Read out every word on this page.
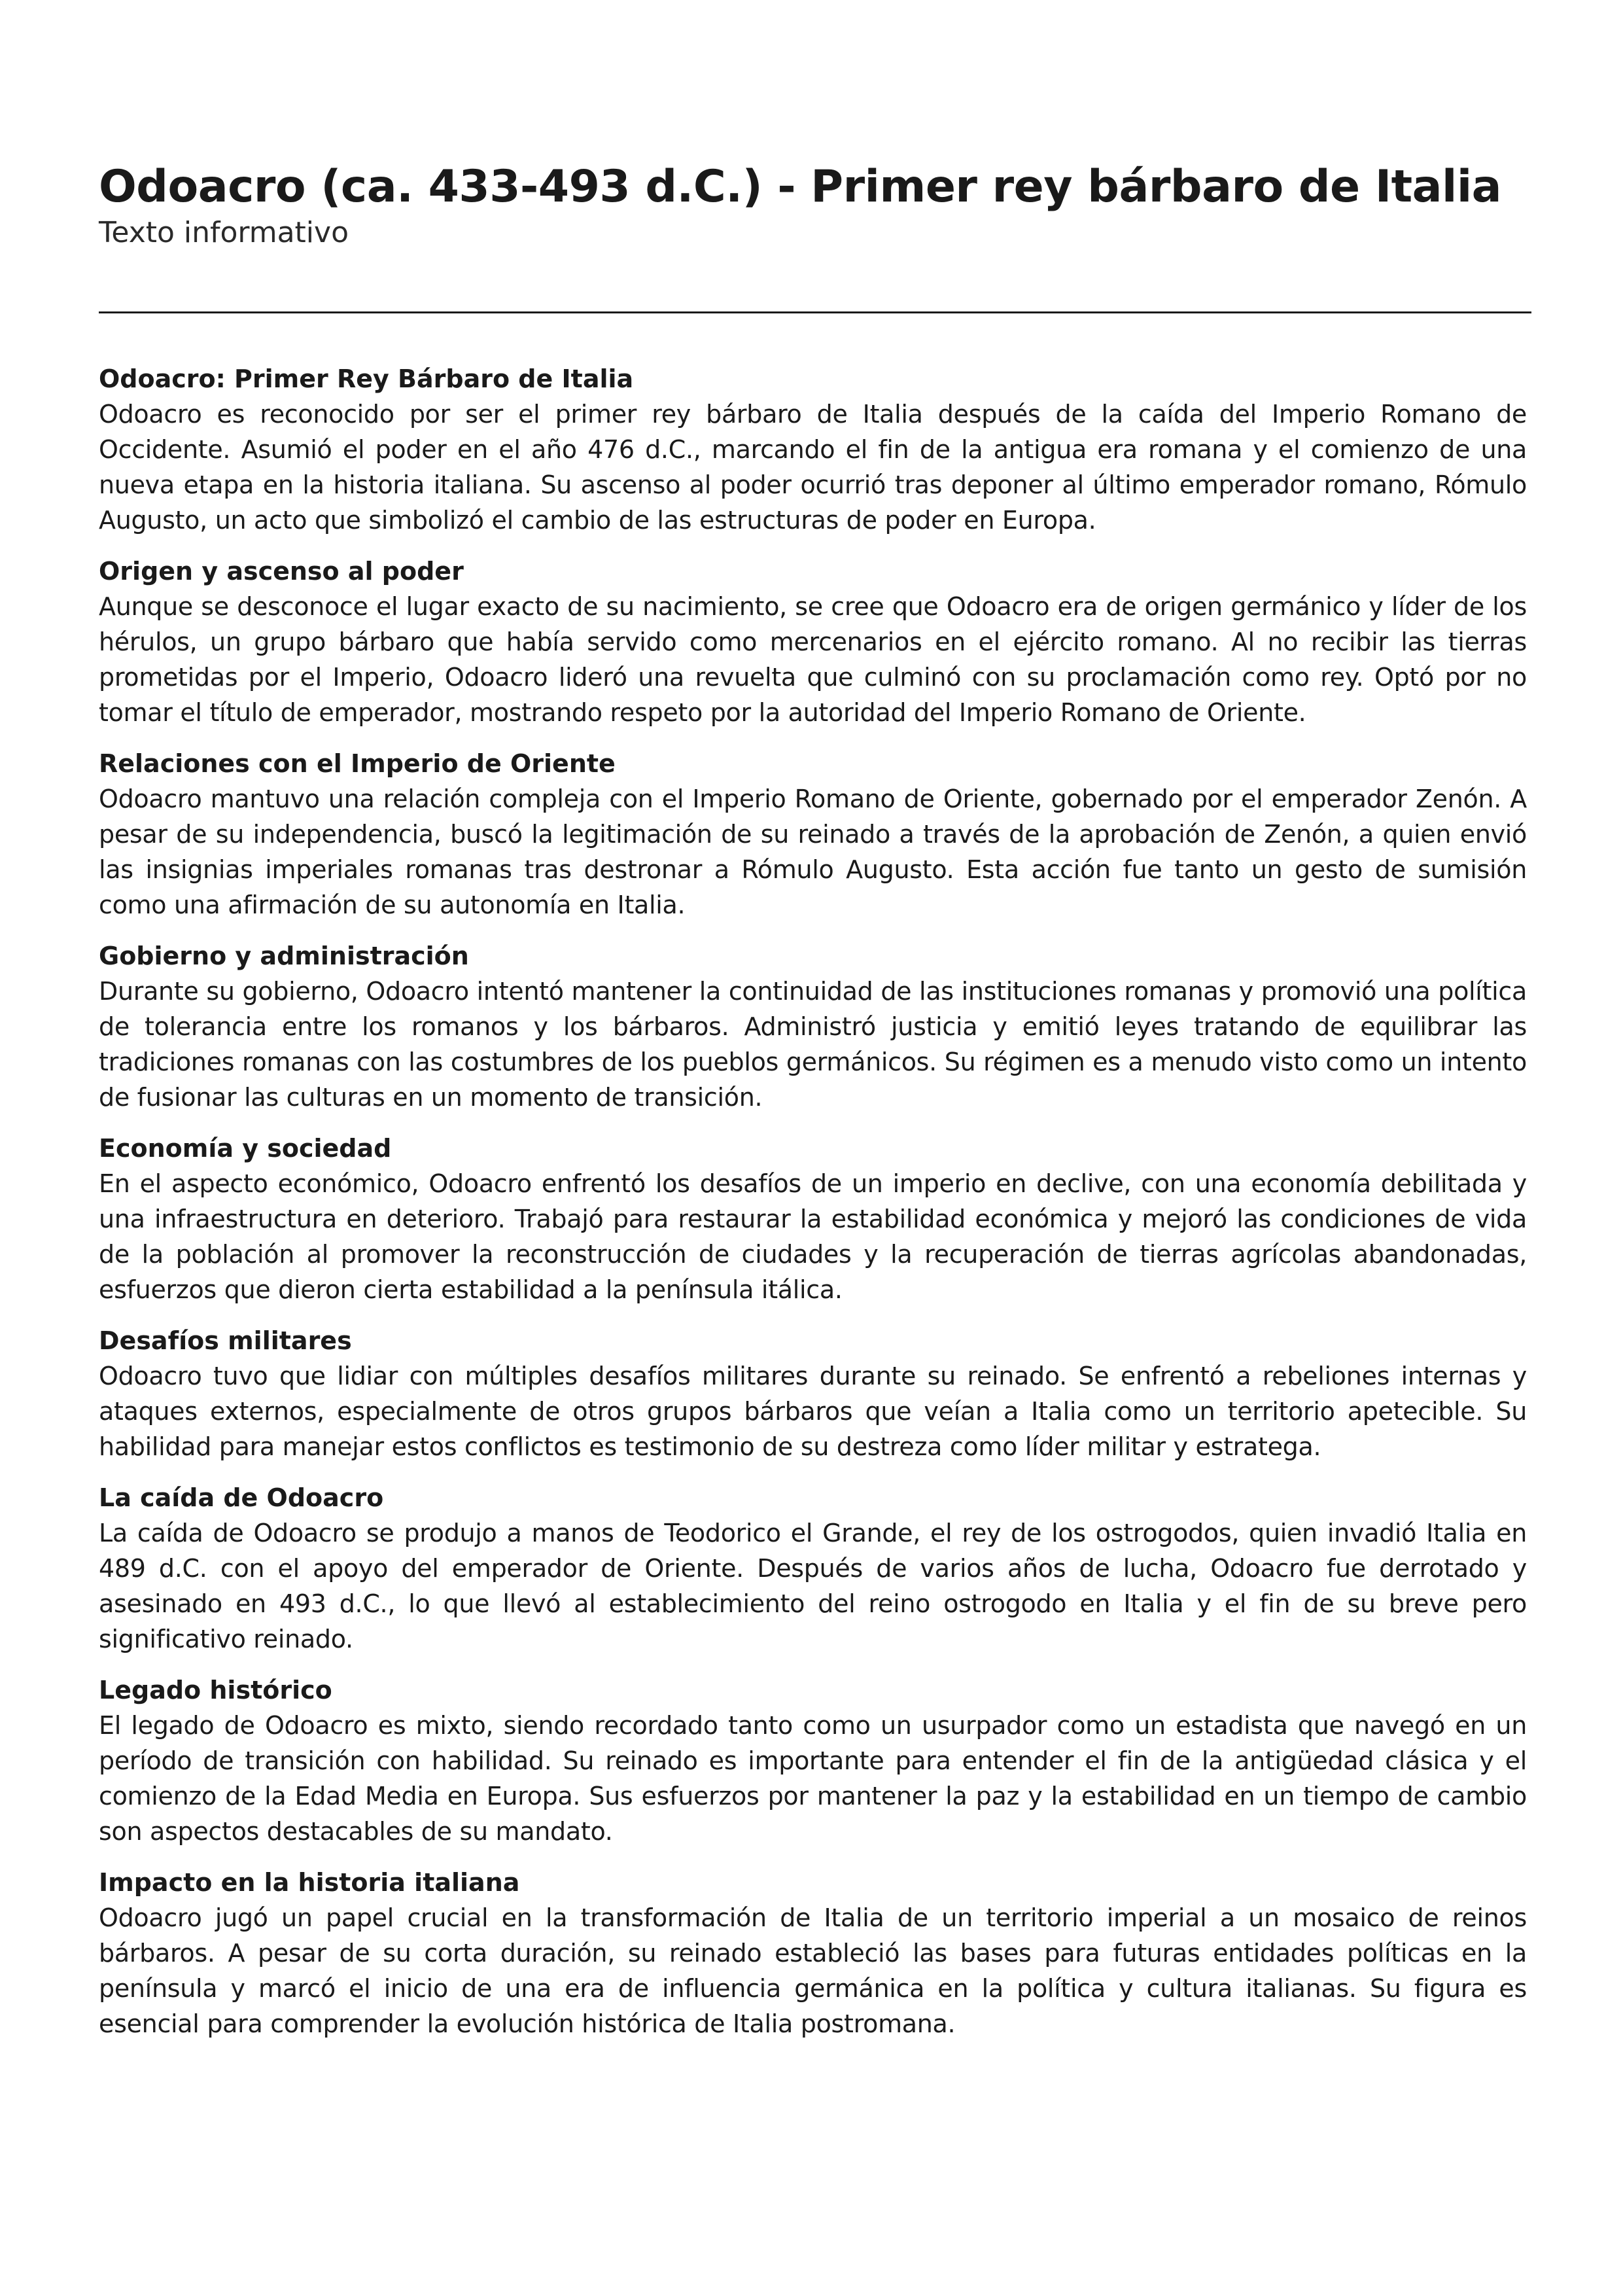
Odoacro (ca. 433-493 d.C.) - Primer rey bárbaro de Italia

Texto informativo

Odoacro: Primer Rey Bárbaro de Italia

Odoacro es reconocido por ser el primer rey bárbaro de Italia después de la caída del Imperio Romano de Occidente. Asumió el poder en el año 476 d.C., marcando el fin de la antigua era romana y el comienzo de una nueva etapa en la historia italiana. Su ascenso al poder ocurrió tras deponer al último emperador romano, Rómulo Augusto, un acto que simbolizó el cambio de las estructuras de poder en Europa.

Origen y ascenso al poder

Aunque se desconoce el lugar exacto de su nacimiento, se cree que Odoacro era de origen germánico y líder de los hérulos, un grupo bárbaro que había servido como mercenarios en el ejército romano. Al no recibir las tierras prometidas por el Imperio, Odoacro lideró una revuelta que culminó con su proclamación como rey. Optó por no tomar el título de emperador, mostrando respeto por la autoridad del Imperio Romano de Oriente.

Relaciones con el Imperio de Oriente

Odoacro mantuvo una relación compleja con el Imperio Romano de Oriente, gobernado por el emperador Zenón. A pesar de su independencia, buscó la legitimación de su reinado a través de la aprobación de Zenón, a quien envió las insignias imperiales romanas tras destronar a Rómulo Augusto. Esta acción fue tanto un gesto de sumisión como una afirmación de su autonomía en Italia.

Gobierno y administración

Durante su gobierno, Odoacro intentó mantener la continuidad de las instituciones romanas y promovió una política de tolerancia entre los romanos y los bárbaros. Administró justicia y emitió leyes tratando de equilibrar las tradiciones romanas con las costumbres de los pueblos germánicos. Su régimen es a menudo visto como un intento de fusionar las culturas en un momento de transición.

Economía y sociedad

En el aspecto económico, Odoacro enfrentó los desafíos de un imperio en declive, con una economía debilitada y una infraestructura en deterioro. Trabajó para restaurar la estabilidad económica y mejoró las condiciones de vida de la población al promover la reconstrucción de ciudades y la recuperación de tierras agrícolas abandonadas, esfuerzos que dieron cierta estabilidad a la península itálica.

Desafíos militares

Odoacro tuvo que lidiar con múltiples desafíos militares durante su reinado. Se enfrentó a rebeliones internas y ataques externos, especialmente de otros grupos bárbaros que veían a Italia como un territorio apetecible. Su habilidad para manejar estos conflictos es testimonio de su destreza como líder militar y estratega.

La caída de Odoacro

La caída de Odoacro se produjo a manos de Teodorico el Grande, el rey de los ostrogodos, quien invadió Italia en 489 d.C. con el apoyo del emperador de Oriente. Después de varios años de lucha, Odoacro fue derrotado y asesinado en 493 d.C., lo que llevó al establecimiento del reino ostrogodo en Italia y el fin de su breve pero significativo reinado.

Legado histórico

El legado de Odoacro es mixto, siendo recordado tanto como un usurpador como un estadista que navegó en un período de transición con habilidad. Su reinado es importante para entender el fin de la antigüedad clásica y el comienzo de la Edad Media en Europa. Sus esfuerzos por mantener la paz y la estabilidad en un tiempo de cambio son aspectos destacables de su mandato.

Impacto en la historia italiana

Odoacro jugó un papel crucial en la transformación de Italia de un territorio imperial a un mosaico de reinos bárbaros. A pesar de su corta duración, su reinado estableció las bases para futuras entidades políticas en la península y marcó el inicio de una era de influencia germánica en la política y cultura italianas. Su figura es esencial para comprender la evolución histórica de Italia postromana.
